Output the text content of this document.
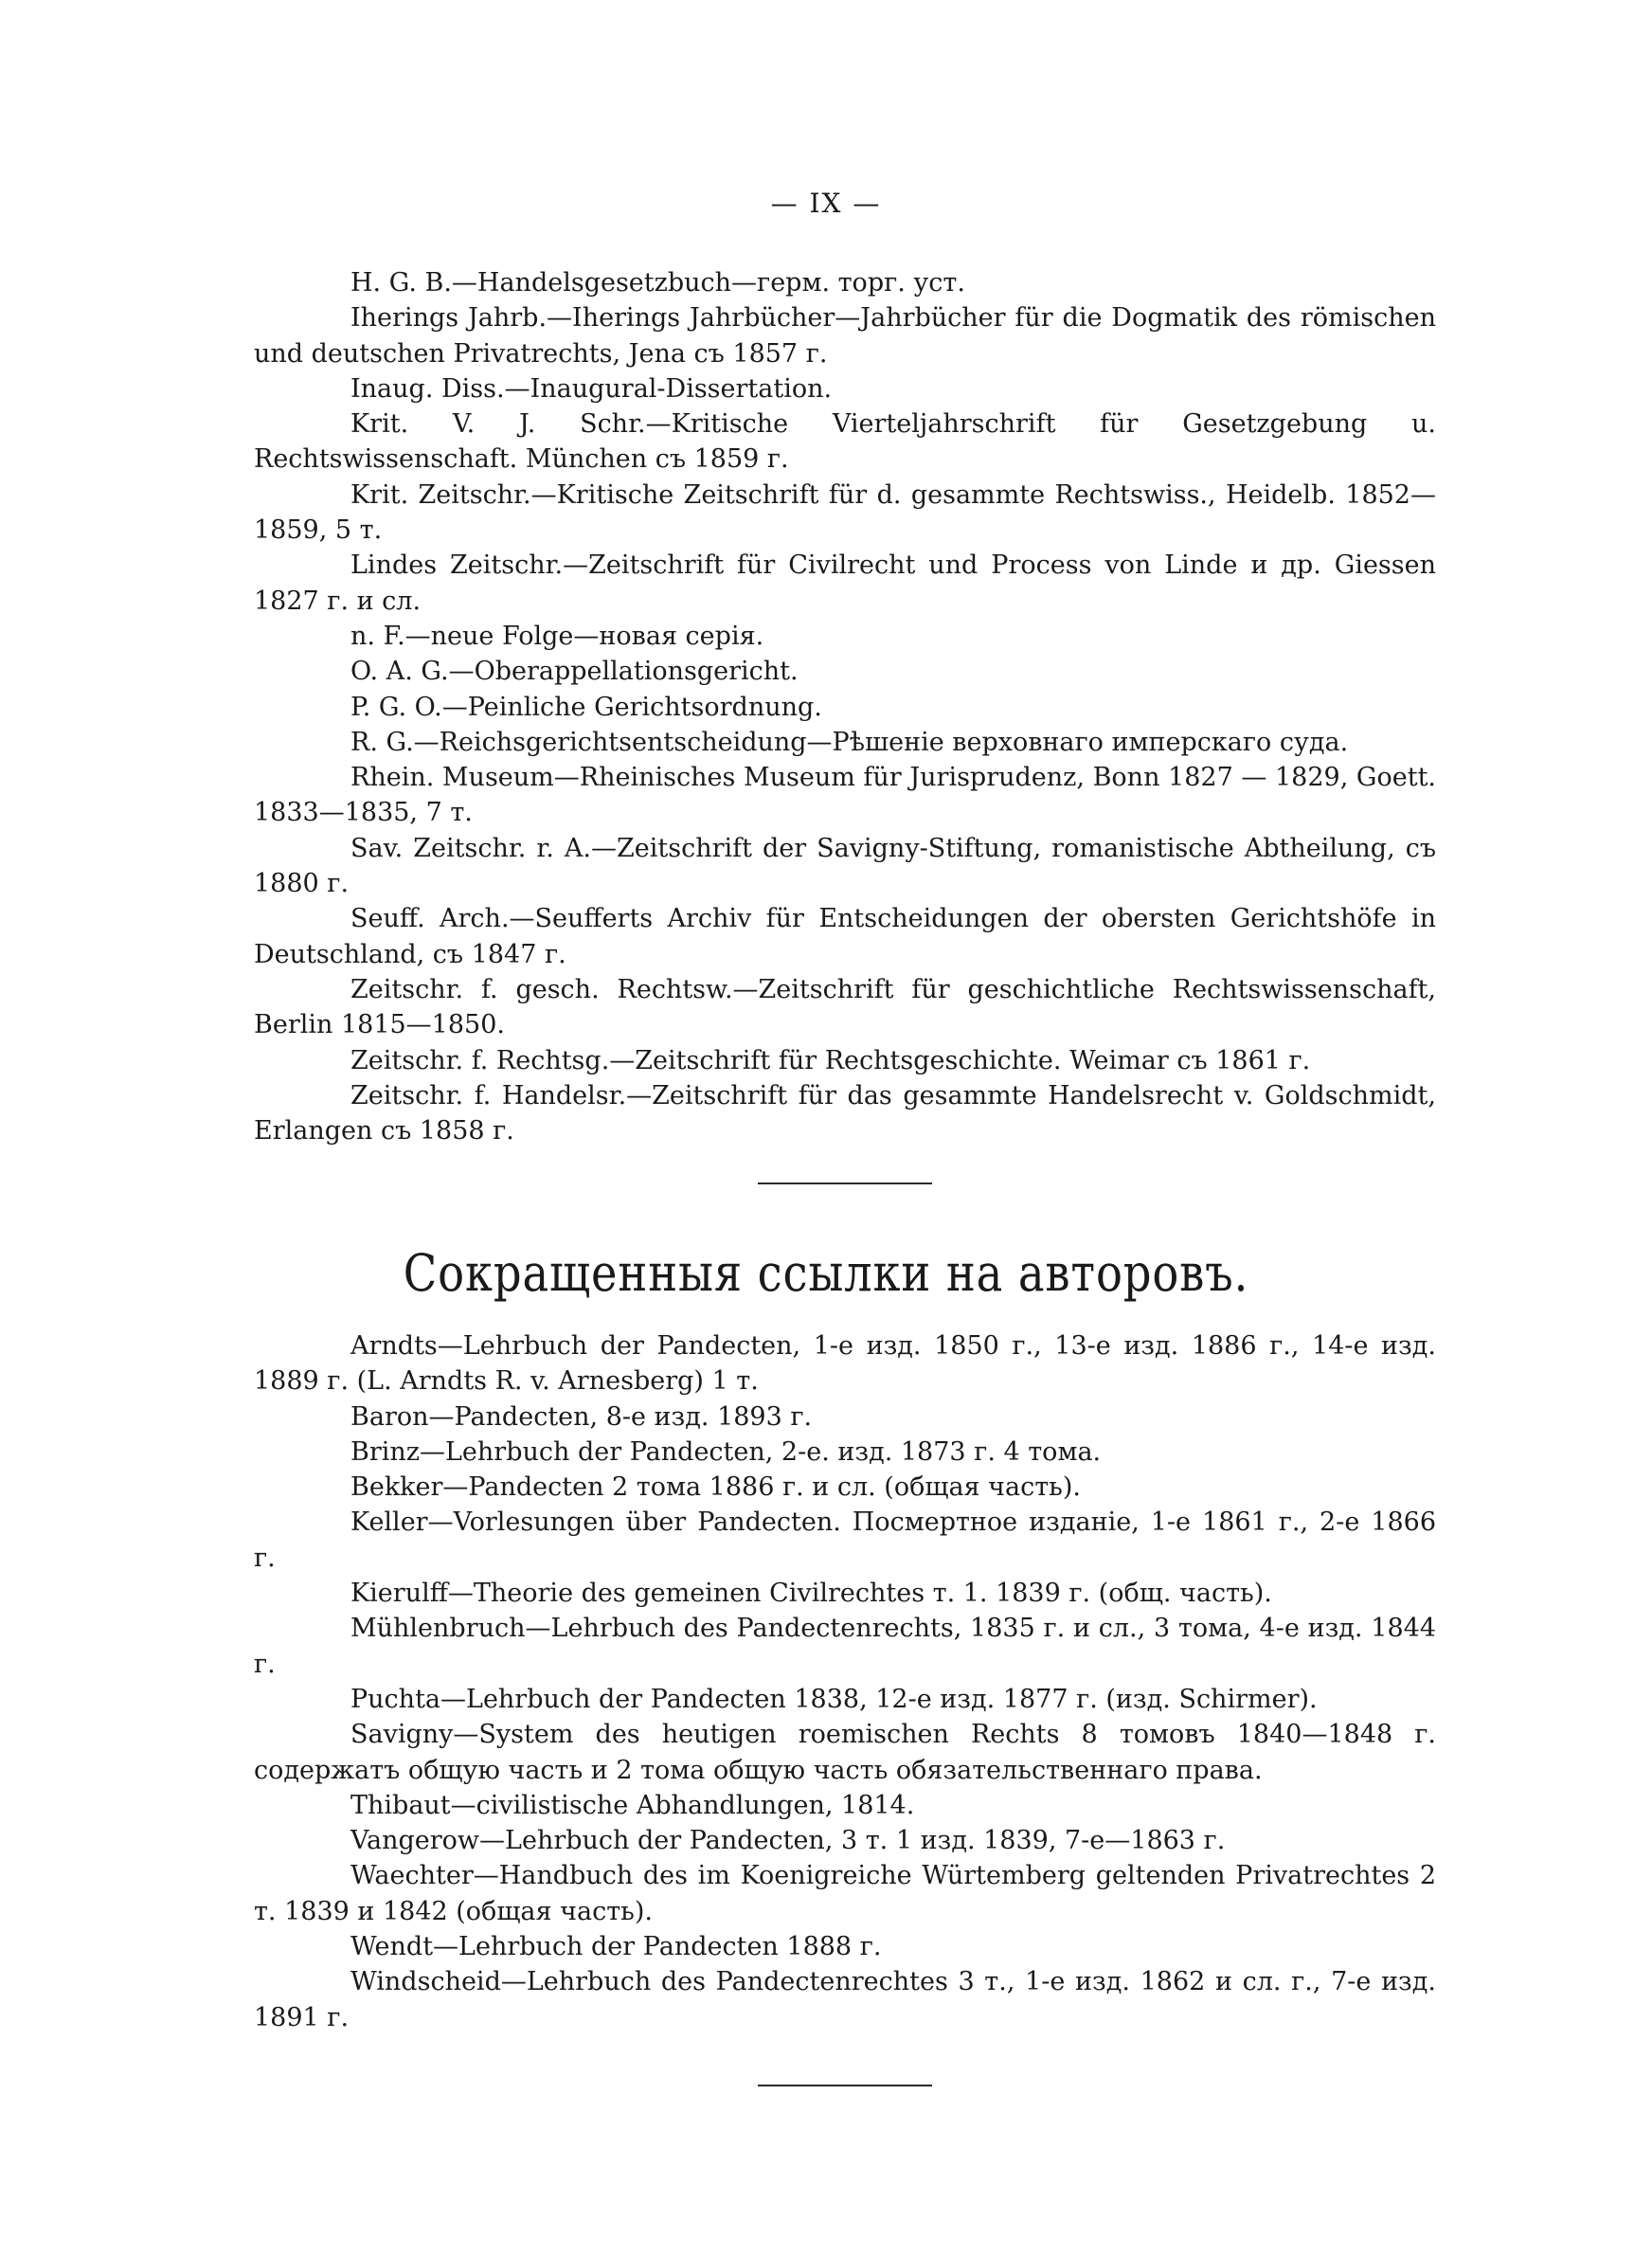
— IX —

H. G. B.—Handelsgesetzbuch—герм. торг. уст.

Iherings Jahrb.—Iherings Jahrbücher—Jahrbücher für die Dogmatik des römischen und deutschen Privatrechts, Jena съ 1857 г.

Inaug. Diss.—Inaugural-Dissertation.

Krit. V. J. Schr.—Kritische Vierteljahrschrift für Gesetzgebung u. Rechtswissenschaft. München съ 1859 г.

Krit. Zeitschr.—Kritische Zeitschrift für d. gesammte Rechtswiss., Heidelb. 1852—1859, 5 т.

Lindes Zeitschr.—Zeitschrift für Civilrecht und Process von Linde и др. Giessen 1827 г. и сл.

n. F.—neue Folge—новая серія.

O. A. G.—Oberappellationsgericht.

P. G. O.—Peinliche Gerichtsordnung.

R. G.—Reichsgerichtsentscheidung—Рѣшенie верховнаго имперскаго суда.

Rhein. Museum—Rheinisches Museum für Jurisprudenz, Bonn 1827 — 1829, Goett. 1833—1835, 7 т.

Sav. Zeitschr. r. A.—Zeitschrift der Savigny-Stiftung, romanistische Abtheilung, съ 1880 г.

Seuff. Arch.—Seufferts Archiv für Entscheidungen der obersten Gerichtshöfe in Deutschland, съ 1847 г.

Zeitschr. f. gesch. Rechtsw.—Zeitschrift für geschichtliche Rechtswissenschaft, Berlin 1815—1850.

Zeitschr. f. Rechtsg.—Zeitschrift für Rechtsgeschichte. Weimar съ 1861 г.

Zeitschr. f. Handelsr.—Zeitschrift für das gesammte Handelsrecht v. Goldschmidt, Erlangen съ 1858 г.

Сокращенныя ссылки на авторовъ.

Arndts—Lehrbuch der Pandecten, 1-е изд. 1850 г., 13-е изд. 1886 г., 14-е изд. 1889 г. (L. Arndts R. v. Arnesberg) 1 т.

Baron—Pandecten, 8-е изд. 1893 г.

Brinz—Lehrbuch der Pandecten, 2-е. изд. 1873 г. 4 тома.

Bekker—Pandecten 2 тома 1886 г. и сл. (общая часть).

Keller—Vorlesungen über Pandecten. Посмертное изданie, 1-е 1861 г., 2-е 1866 г.

Kierulff—Theorie des gemeinen Civilrechtes т. 1. 1839 г. (общ. часть).

Mühlenbruch—Lehrbuch des Pandectenrechts, 1835 г. и сл., 3 тома, 4-е изд. 1844 г.

Puchta—Lehrbuch der Pandecten 1838, 12-е изд. 1877 г. (изд. Schirmer).

Savigny—System des heutigen roemischen Rechts 8 томовъ 1840—1848 г. содержатъ общую часть и 2 тома общую часть обязательственнаго права.

Thibaut—civilistische Abhandlungen, 1814.

Vangerow—Lehrbuch der Pandecten, 3 т. 1 изд. 1839, 7-е—1863 г.

Waechter—Handbuch des im Koenigreiche Würtemberg geltenden Privatrechtes 2 т. 1839 и 1842 (общая часть).

Wendt—Lehrbuch der Pandecten 1888 г.

Windscheid—Lehrbuch des Pandectenrechtes 3 т., 1-е изд. 1862 и сл. г., 7-е изд. 1891 г.
